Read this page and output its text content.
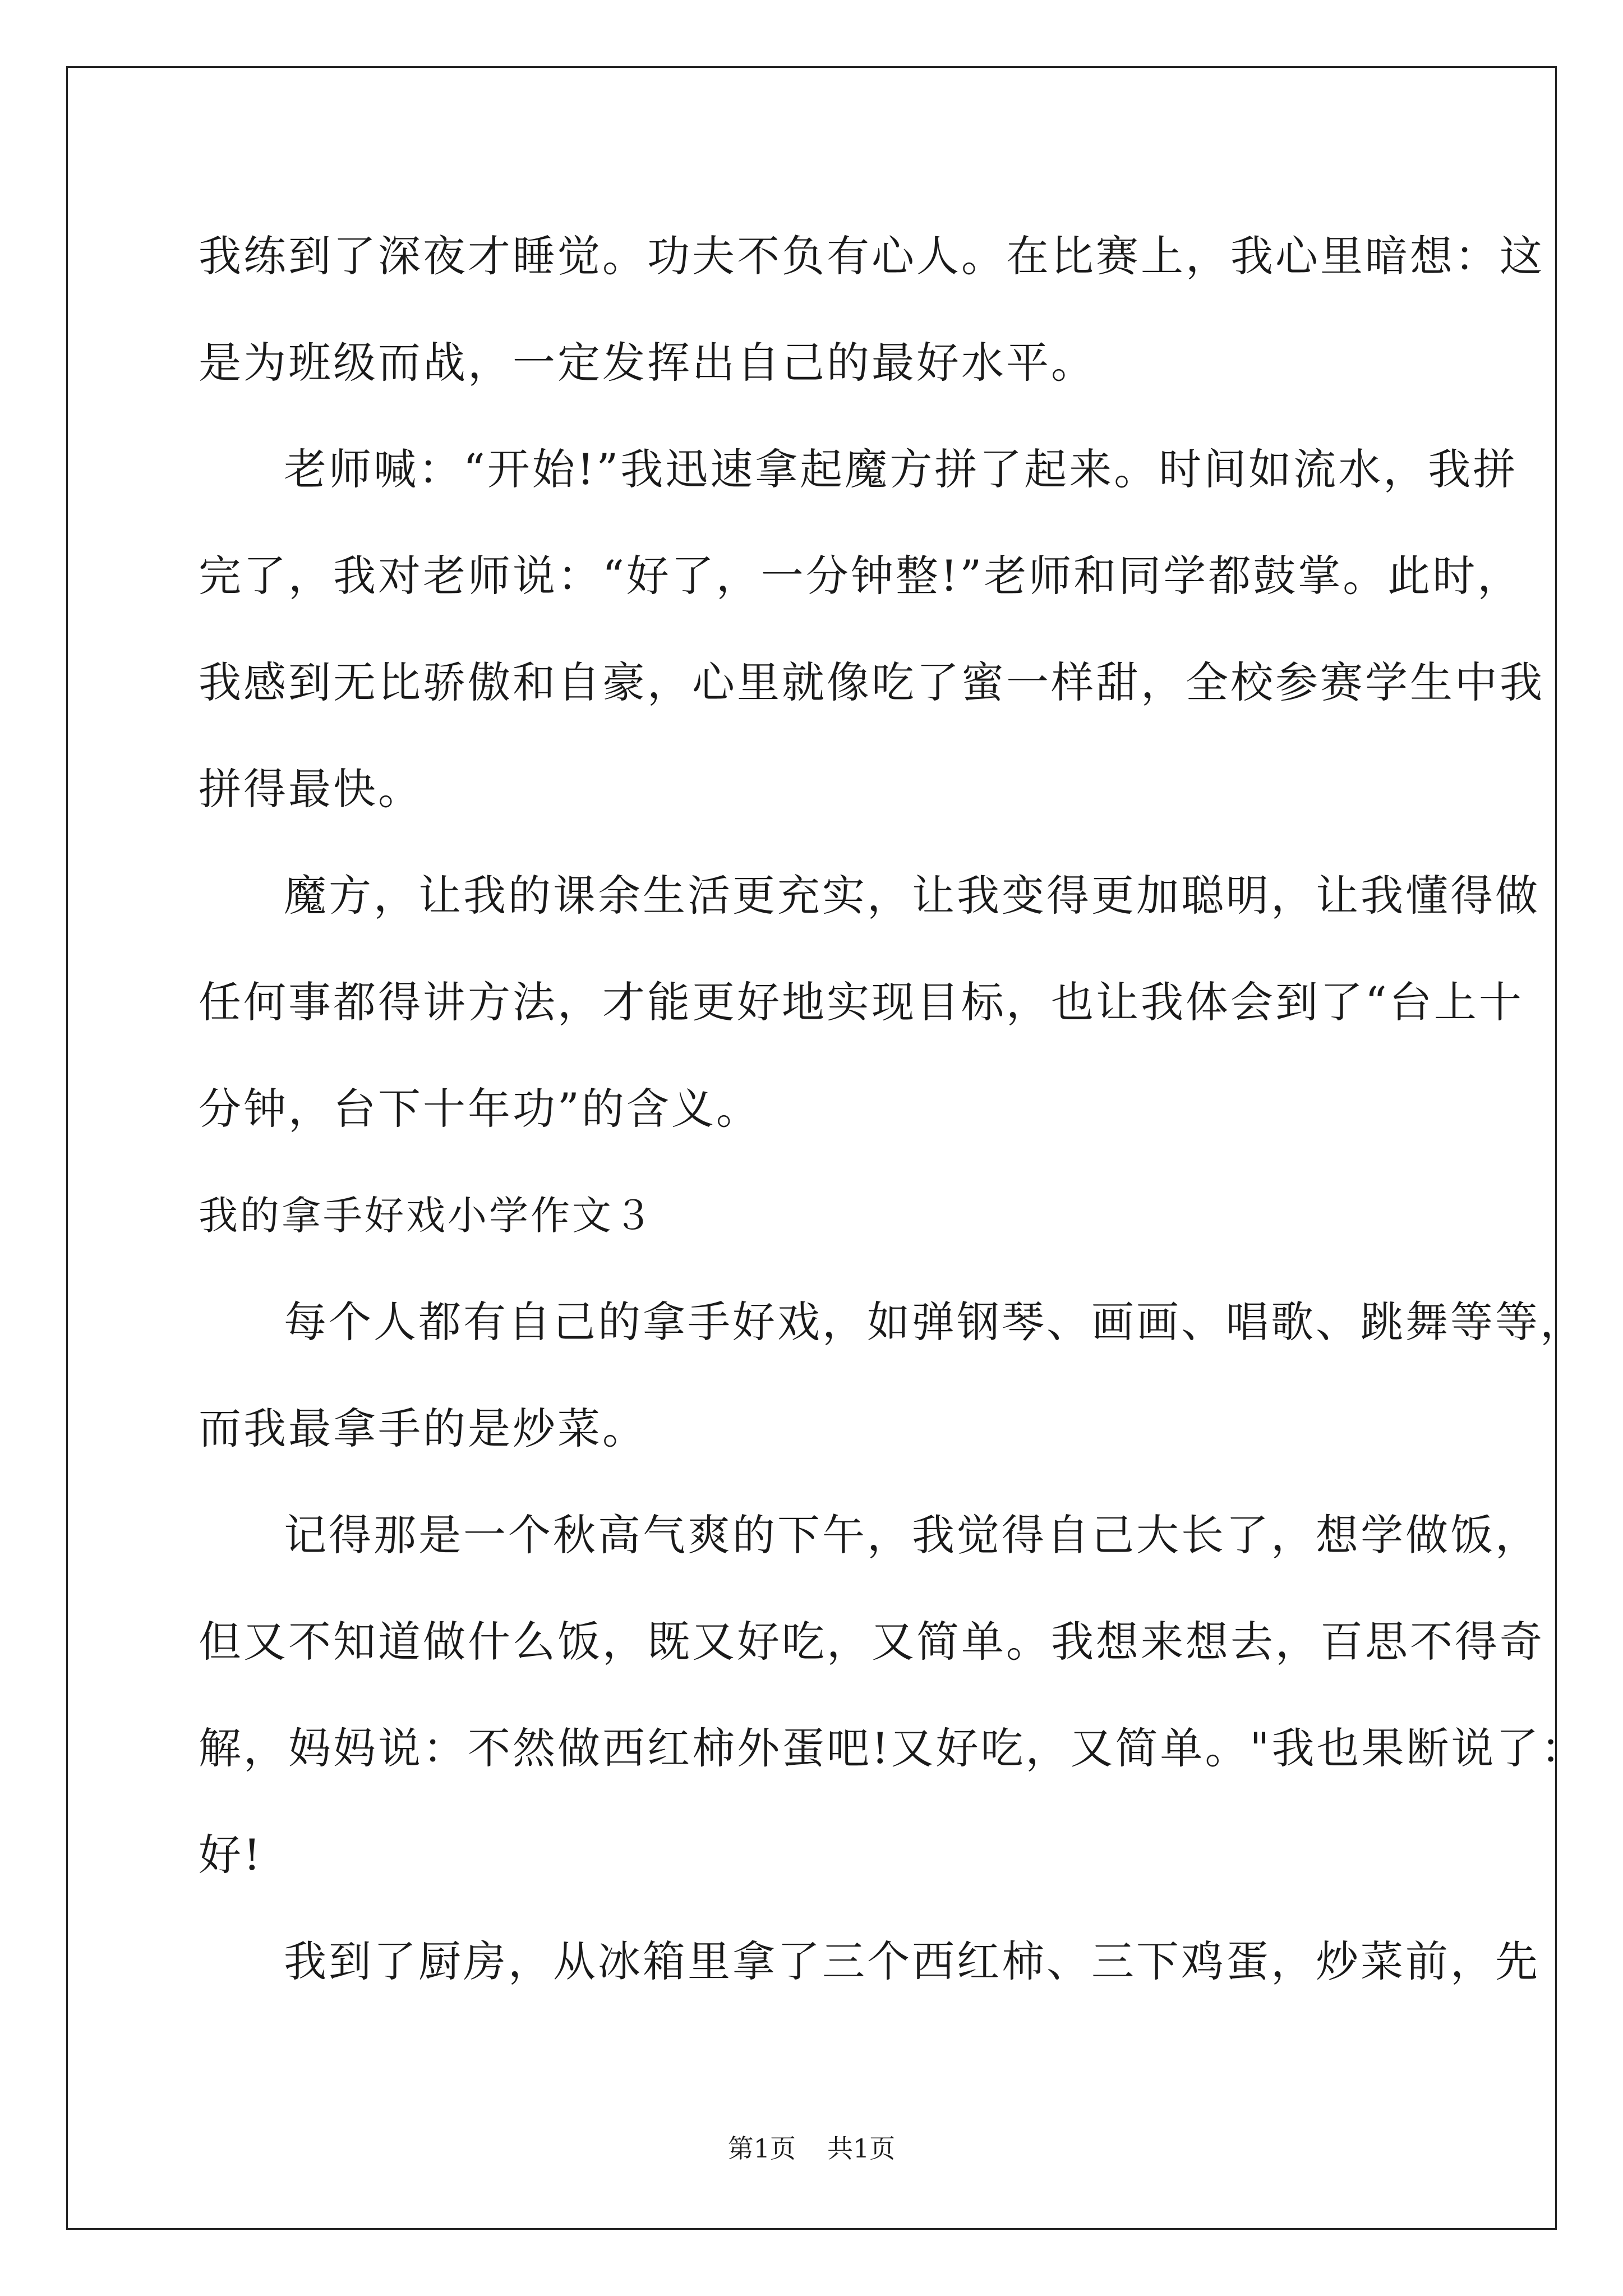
我练到了深夜才睡觉。功夫不负有心人。在比赛上，我心里暗想：这

是为班级而战，一定发挥出自己的最好水平。

老师喊：“开始!”我迅速拿起魔方拼了起来。时间如流水，我拼

完了，我对老师说：“好了，一分钟整!”老师和同学都鼓掌。此时，

我感到无比骄傲和自豪，心里就像吃了蜜一样甜，全校参赛学生中我

拼得最快。

魔方，让我的课余生活更充实，让我变得更加聪明，让我懂得做

任何事都得讲方法，才能更好地实现目标，也让我体会到了“台上十

分钟，台下十年功”的含义。

我的拿手好戏小学作文３

每个人都有自己的拿手好戏，如弹钢琴、画画、唱歌、跳舞等等，

而我最拿手的是炒菜。

记得那是一个秋高气爽的下午，我觉得自己大长了，想学做饭，

但又不知道做什么饭，既又好吃，又简单。我想来想去，百思不得奇

解，妈妈说：不然做西红柿外蛋吧!又好吃，又简单。"我也果断说了：

好!

我到了厨房，从冰箱里拿了三个西红柿、三下鸡蛋，炒菜前，先

第1页 共1页
